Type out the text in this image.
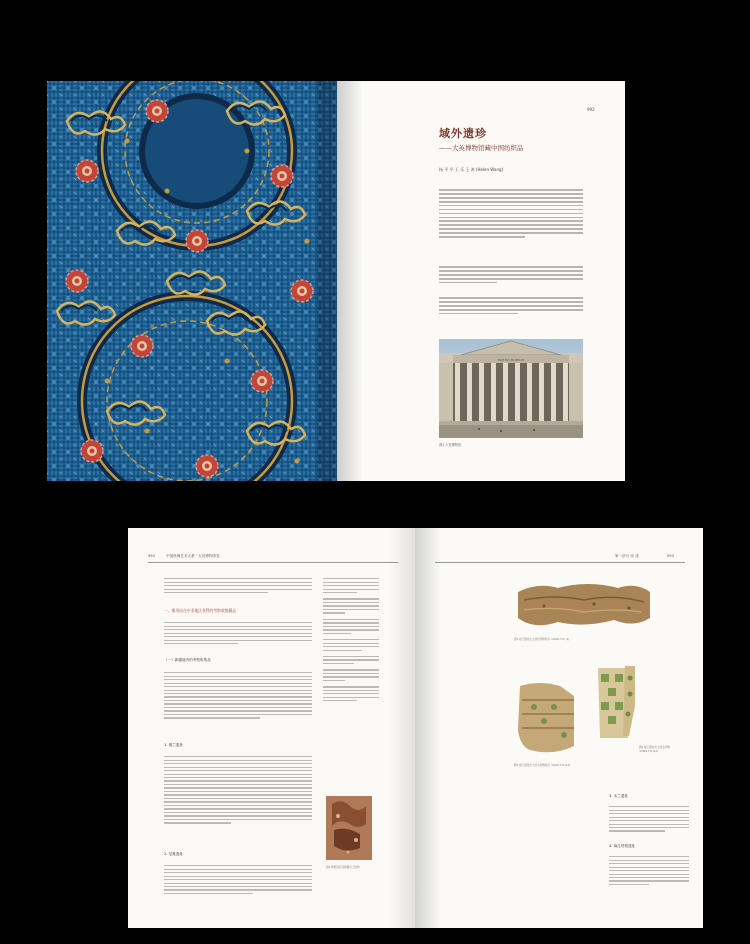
992
域外遗珍
——大英博物馆藏中国纺织品
杨 平 平 王 乐 王 鸿 (Helen Wang)
BRITISH MUSEUM
图1 大英博物馆
994	中国丝绸艺术大系 · 大英博物馆卷
一、斯坦因在中亚地区获得的考察收集藏品
（一）新疆境内的考察收集品
1. 楼兰遗址
2. 尼雅遗址
图2 斯坦因所获新疆出土织物
第一部分 综 述	993
图3 楼兰遗址出土的丝织物残片 ①MAS.711 (2)
图4 楼兰遗址出土的毛织物 ①MAS.711(12)
3. 米兰遗址
4. 麻扎塔格遗址
图5 楼兰遗址出土的毛织物残片 ①MAS.711(12)
